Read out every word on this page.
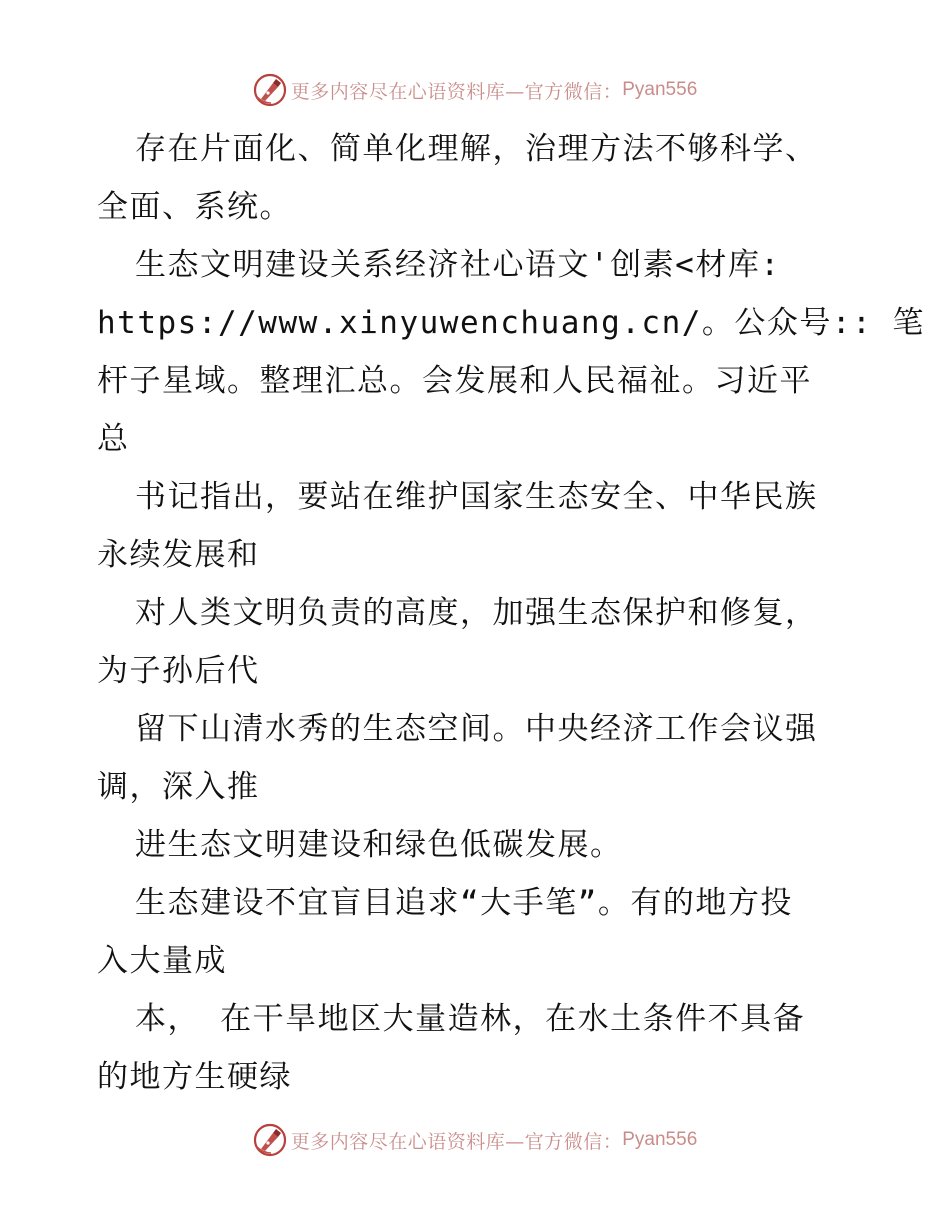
更多内容尽在心语资料库—官方微信： Pyan556
存在片面化、简单化理解，治理方法不够科学、
全面、系统。
生态文明建设关系经济社心语文'创素<材库:
https://www.xinyuwenchuang.cn/。公众号:: 笔
杆子星域。整理汇总。会发展和人民福祉。习近平
总
书记指出，要站在维护国家生态安全、中华民族
永续发展和
对人类文明负责的高度，加强生态保护和修复，
为子孙后代
留下山清水秀的生态空间。中央经济工作会议强
调，深入推
进生态文明建设和绿色低碳发展。
生态建设不宜盲目追求“大手笔”。有的地方投
入大量成
本， 在干旱地区大量造林，在水土条件不具备
的地方生硬绿
更多内容尽在心语资料库—官方微信： Pyan556
